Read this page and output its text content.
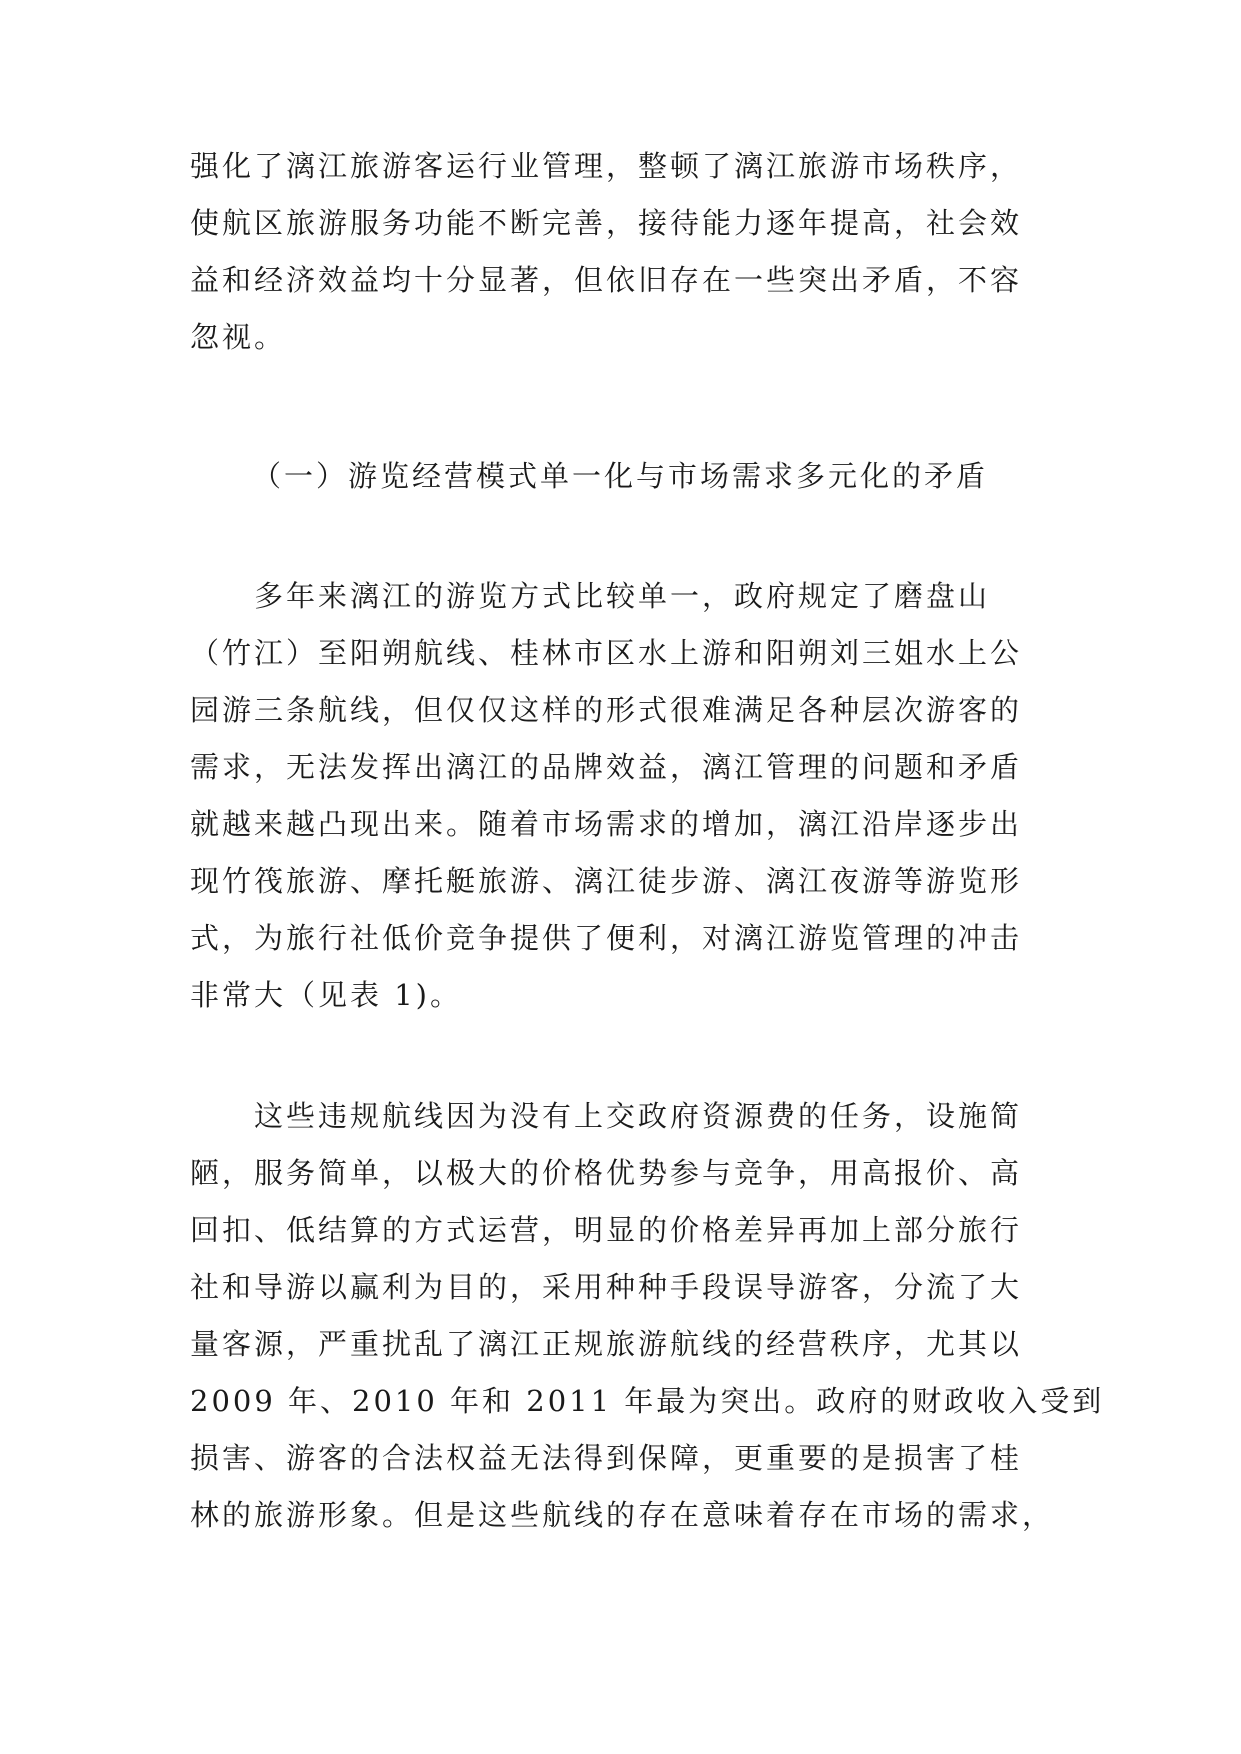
强化了漓江旅游客运行业管理，整顿了漓江旅游市场秩序，
使航区旅游服务功能不断完善，接待能力逐年提高，社会效
益和经济效益均十分显著，但依旧存在一些突出矛盾，不容
忽视。
（一）游览经营模式单一化与市场需求多元化的矛盾
多年来漓江的游览方式比较单一，政府规定了磨盘山
（竹江）至阳朔航线、桂林市区水上游和阳朔刘三姐水上公
园游三条航线，但仅仅这样的形式很难满足各种层次游客的
需求，无法发挥出漓江的品牌效益，漓江管理的问题和矛盾
就越来越凸现出来。随着市场需求的增加，漓江沿岸逐步出
现竹筏旅游、摩托艇旅游、漓江徒步游、漓江夜游等游览形
式，为旅行社低价竞争提供了便利，对漓江游览管理的冲击
非常大（见表 1)。
这些违规航线因为没有上交政府资源费的任务，设施简
陋，服务简单，以极大的价格优势参与竞争，用高报价、高
回扣、低结算的方式运营，明显的价格差异再加上部分旅行
社和导游以赢利为目的，采用种种手段误导游客，分流了大
量客源，严重扰乱了漓江正规旅游航线的经营秩序，尤其以
2009 年、2010 年和 2011 年最为突出。政府的财政收入受到
损害、游客的合法权益无法得到保障，更重要的是损害了桂
林的旅游形象。但是这些航线的存在意味着存在市场的需求，
